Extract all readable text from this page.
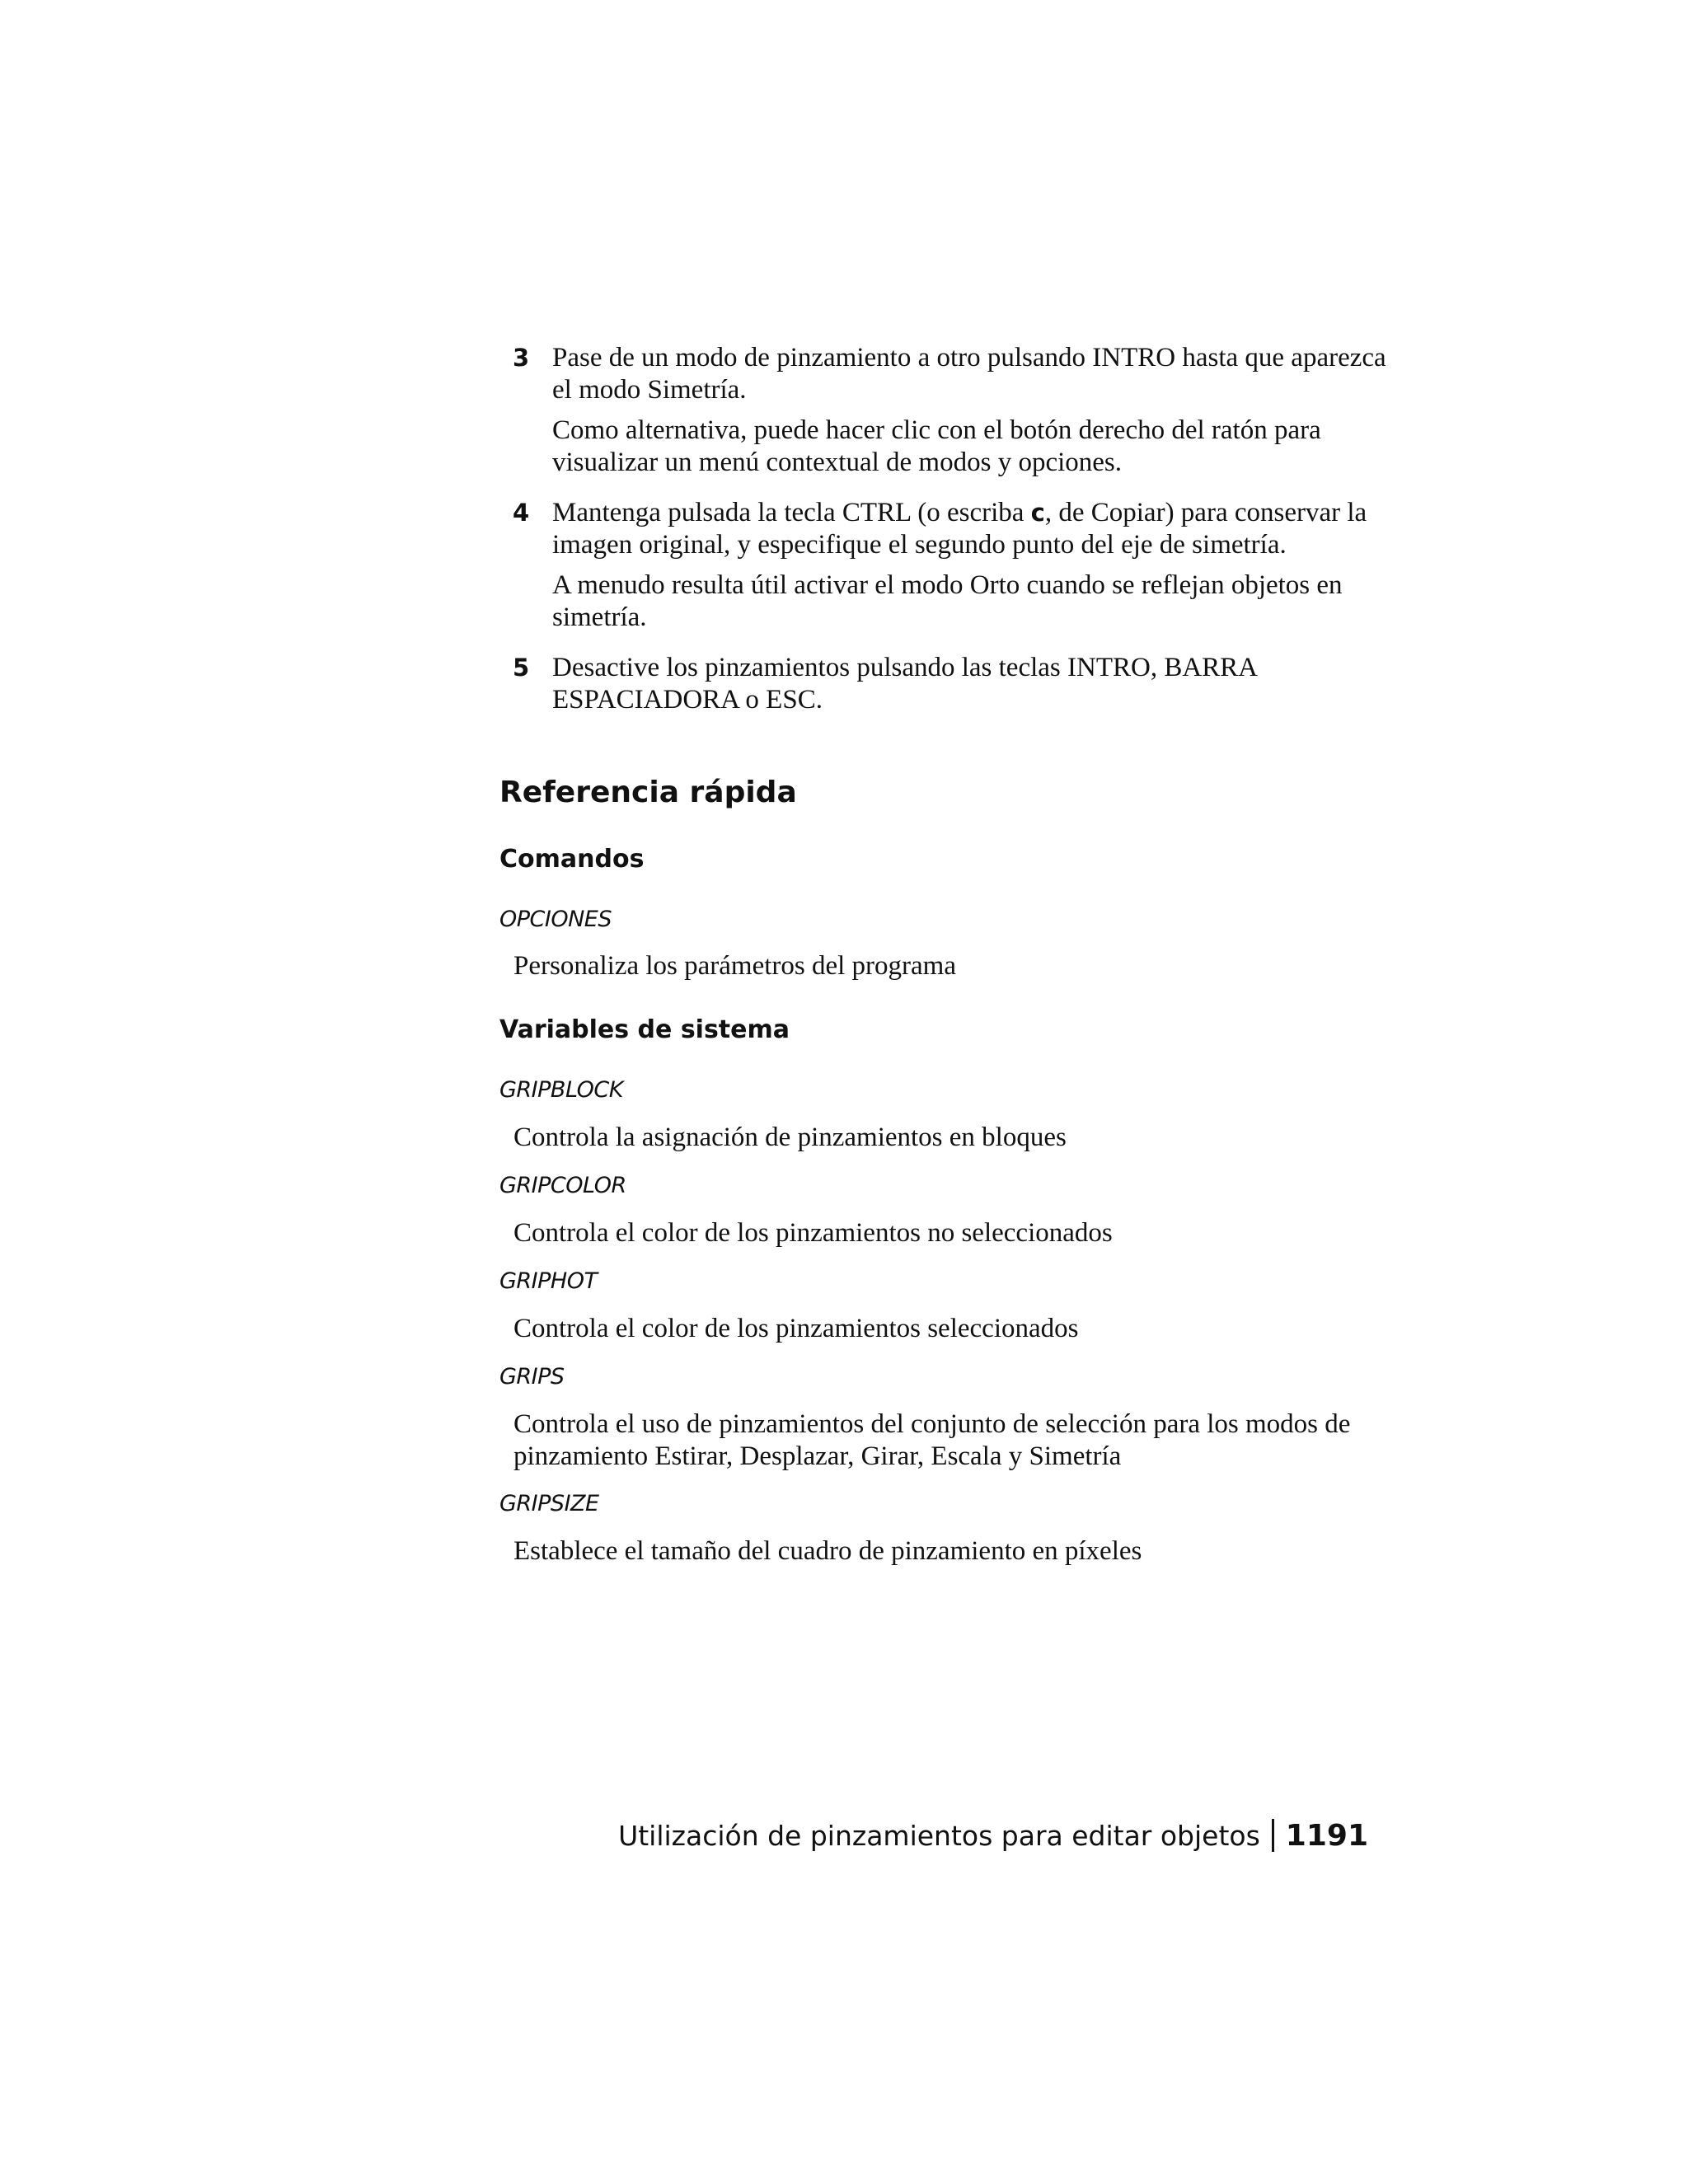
3 Pase de un modo de pinzamiento a otro pulsando INTRO hasta que aparezca el modo Simetría.

Como alternativa, puede hacer clic con el botón derecho del ratón para visualizar un menú contextual de modos y opciones.

4 Mantenga pulsada la tecla CTRL (o escriba c, de Copiar) para conservar la imagen original, y especifique el segundo punto del eje de simetría.

A menudo resulta útil activar el modo Orto cuando se reflejan objetos en simetría.

5 Desactive los pinzamientos pulsando las teclas INTRO, BARRA ESPACIADORA o ESC.

Referencia rápida
Comandos
OPCIONES
Personaliza los parámetros del programa
Variables de sistema
GRIPBLOCK
Controla la asignación de pinzamientos en bloques
GRIPCOLOR
Controla el color de los pinzamientos no seleccionados
GRIPHOT
Controla el color de los pinzamientos seleccionados
GRIPS
Controla el uso de pinzamientos del conjunto de selección para los modos de pinzamiento Estirar, Desplazar, Girar, Escala y Simetría
GRIPSIZE
Establece el tamaño del cuadro de pinzamiento en píxeles
Utilización de pinzamientos para editar objetos 1191
